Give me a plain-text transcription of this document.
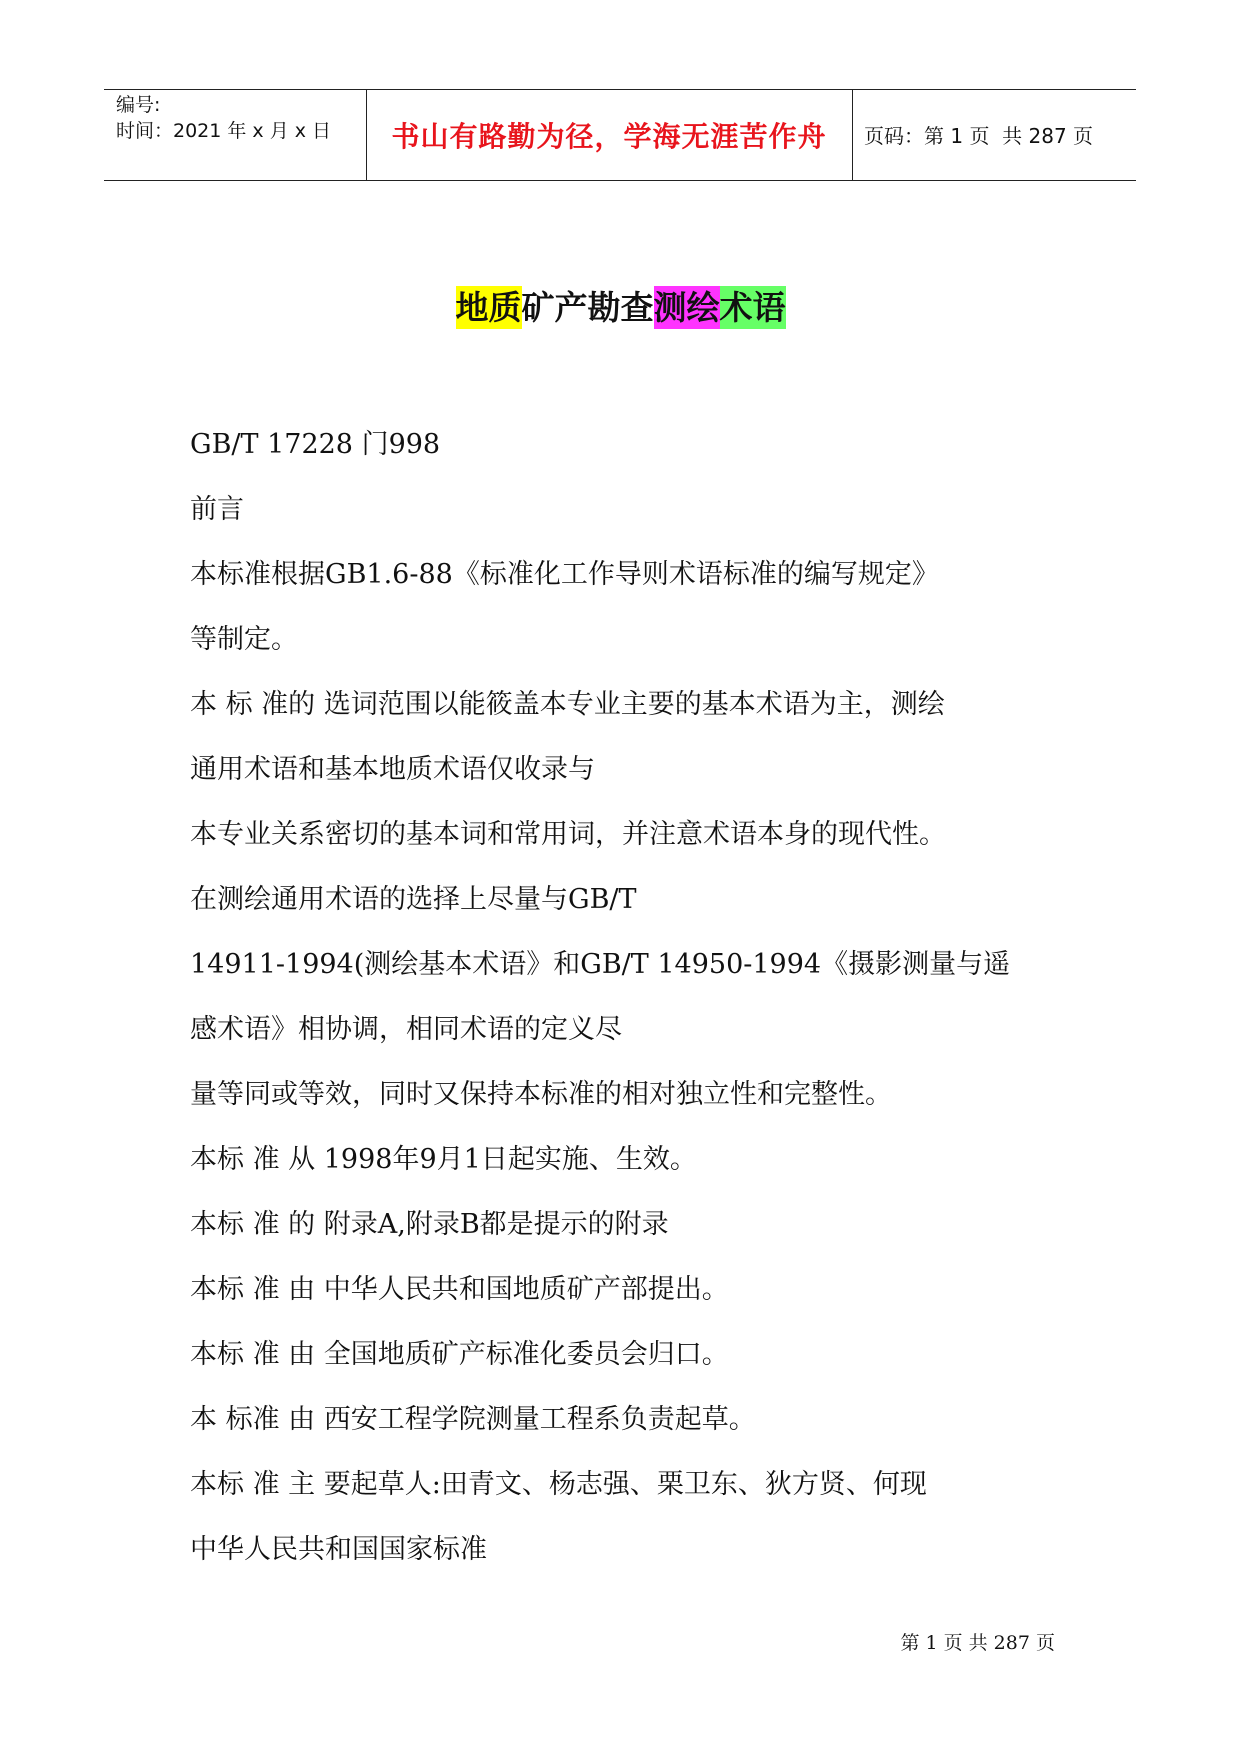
编号:
时间：2021 年 x 月 x 日	书山有路勤为径，学海无涯苦作舟	页码：第 1 页  共 287 页
地质矿产勘查测绘术语
GB/T 17228 门998
前言
本标准根据GB1.6-88《标准化工作导则术语标准的编写规定》
等制定。
本 标 准的 选词范围以能筱盖本专业主要的基本术语为主，测绘
通用术语和基本地质术语仅收录与
本专业关系密切的基本词和常用词，并注意术语本身的现代性。
在测绘通用术语的选择上尽量与GB/T
14911-1994(测绘基本术语》和GB/T 14950-1994《摄影测量与遥
感术语》相协调，相同术语的定义尽
量等同或等效，同时又保持本标准的相对独立性和完整性。
本标 准 从 1998年9月1日起实施、生效。
本标 准 的 附录A,附录B都是提示的附录
本标 准 由 中华人民共和国地质矿产部提出。
本标 准 由 全国地质矿产标准化委员会归口。
本 标准 由 西安工程学院测量工程系负责起草。
本标 准 主 要起草人:田青文、杨志强、栗卫东、狄方贤、何现
中华人民共和国国家标准
第 1 页 共 287 页
